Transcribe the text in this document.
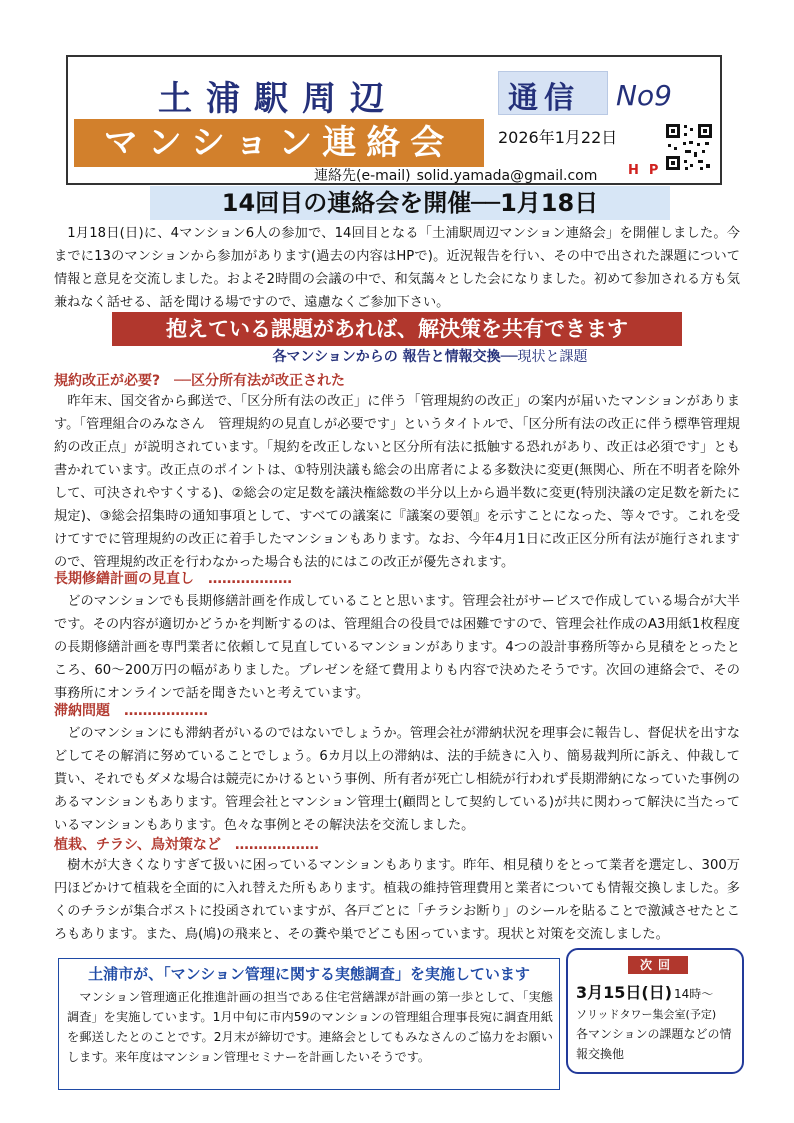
土浦駅周辺
マンション連絡会
通信 No9
2026年1月22日
HP
連絡先(e-mail) solid.yamada@gmail.com
14回目の連絡会を開催──1月18日
1月18日(日)に、4マンション6人の参加で、14回目となる「土浦駅周辺マンション連絡会」を開催しました。今までに13のマンションから参加があります(過去の内容はHPで)。近況報告を行い、その中で出された課題について情報と意見を交流しました。およそ2時間の会議の中で、和気藹々とした会になりました。初めて参加される方も気兼ねなく話せる、話を聞ける場ですので、遠慮なくご参加下さい。
抱えている課題があれば、解決策を共有できます
各マンションからの 報告と情報交換──現状と課題
規約改正が必要?　──区分所有法が改正された
昨年末、国交省から郵送で、「区分所有法の改正」に伴う「管理規約の改正」の案内が届いたマンションがあります。「管理組合のみなさん　管理規約の見直しが必要です」というタイトルで、「区分所有法の改正に伴う標準管理規約の改正点」が説明されています。「規約を改正しないと区分所有法に抵触する恐れがあり、改正は必須です」とも書かれています。改正点のポイントは、①特別決議も総会の出席者による多数決に変更(無関心、所在不明者を除外して、可決されやすくする)、②総会の定足数を議決権総数の半分以上から過半数に変更(特別決議の定足数を新たに規定)、③総会招集時の通知事項として、すべての議案に『議案の要領』を示すことになった、等々です。これを受けてすでに管理規約の改正に着手したマンションもあります。なお、今年4月1日に改正区分所有法が施行されますので、管理規約改正を行わなかった場合も法的にはこの改正が優先されます。
長期修繕計画の見直し　………………
どのマンションでも長期修繕計画を作成していることと思います。管理会社がサービスで作成している場合が大半です。その内容が適切かどうかを判断するのは、管理組合の役員では困難ですので、管理会社作成のA3用紙1枚程度の長期修繕計画を専門業者に依頼して見直しているマンションがあります。4つの設計事務所等から見積をとったところ、60～200万円の幅がありました。プレゼンを経て費用よりも内容で決めたそうです。次回の連絡会で、その事務所にオンラインで話を聞きたいと考えています。
滞納問題　………………
どのマンションにも滞納者がいるのではないでしょうか。管理会社が滞納状況を理事会に報告し、督促状を出すなどしてその解消に努めていることでしょう。6カ月以上の滞納は、法的手続きに入り、簡易裁判所に訴え、仲裁して貰い、それでもダメな場合は競売にかけるという事例、所有者が死亡し相続が行われず長期滞納になっていた事例のあるマンションもあります。管理会社とマンション管理士(顧問として契約している)が共に関わって解決に当たっているマンションもあります。色々な事例とその解決法を交流しました。
植栽、チラシ、鳥対策など　………………
樹木が大きくなりすぎて扱いに困っているマンションもあります。昨年、相見積りをとって業者を選定し、300万円ほどかけて植栽を全面的に入れ替えた所もあります。植栽の維持管理費用と業者についても情報交換しました。多くのチラシが集合ポストに投函されていますが、各戸ごとに「チラシお断り」のシールを貼ることで激減させたところもあります。また、鳥(鳩)の飛来と、その糞や巣でどこも困っています。現状と対策を交流しました。
土浦市が、「マンション管理に関する実態調査」を実施しています
マンション管理適正化推進計画の担当である住宅営繕課が計画の第一歩として、「実態調査」を実施しています。1月中旬に市内59のマンションの管理組合理事長宛に調査用紙を郵送したとのことです。2月末が締切です。連絡会としてもみなさんのご協力をお願いします。来年度はマンション管理セミナーを計画したいそうです。
次回
3月15日(日) 14時～
ソリッドタワー集会室(予定)
各マンションの課題などの情報交換他
